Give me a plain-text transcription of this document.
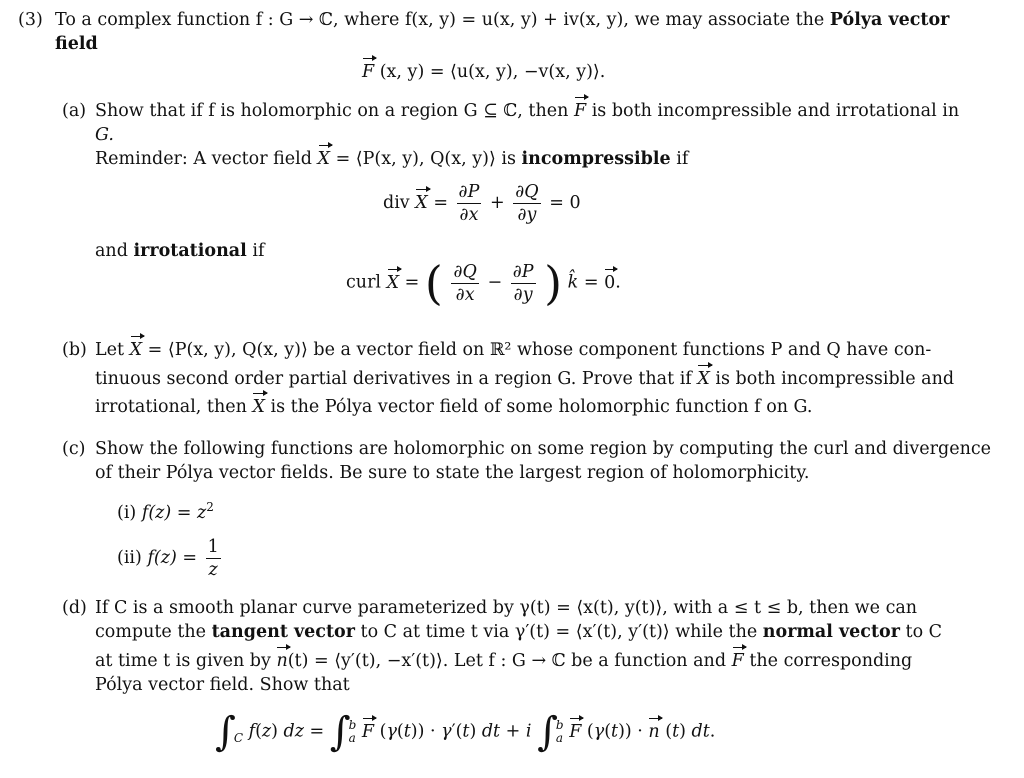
(3) To a complex function f : G → ℂ, where f(x, y) = u(x, y) + iv(x, y), we may associate the Pólya vector
field
F (x, y) = ⟨u(x, y), −v(x, y)⟩.
(a) Show that if f is holomorphic on a region G ⊆ ℂ, then F is both incompressible and irrotational in
G.
Reminder: A vector field X = ⟨P(x, y), Q(x, y)⟩ is incompressible if
div $X = \frac{\partial P}{\partial x} + \frac{\partial Q}{\partial y} = 0$
and irrotational if
curl X = ( $\frac{\partial Q}{\partial x} - \frac{\partial P}{\partial y}$ ) k̂ = 0.
(b) Let X = ⟨P(x, y), Q(x, y)⟩ be a vector field on ℝ² whose component functions P and Q have con-
tinuous second order partial derivatives in a region G. Prove that if X is both incompressible and
irrotational, then X is the Pólya vector field of some holomorphic function f on G.
(c) Show the following functions are holomorphic on some region by computing the curl and divergence
of their Pólya vector fields. Be sure to state the largest region of holomorphicity.
(i) $f(z) = z^2$
(ii) $f(z) = \frac{1}{z}$
(d) If C is a smooth planar curve parameterized by γ(t) = ⟨x(t), y(t)⟩, with a ≤ t ≤ b, then we can
compute the tangent vector to C at time t via γ′(t) = ⟨x′(t), y′(t)⟩ while the normal vector to C
at time t is given by n(t) = ⟨y′(t), −x′(t)⟩. Let f : G → ℂ be a function and F the corresponding
Pólya vector field. Show that
∫

C f(z) dz = ∫
b
a F (γ(t)) · γ′(t) dt + i ∫
b
a F (γ(t)) · n (t) dt.
